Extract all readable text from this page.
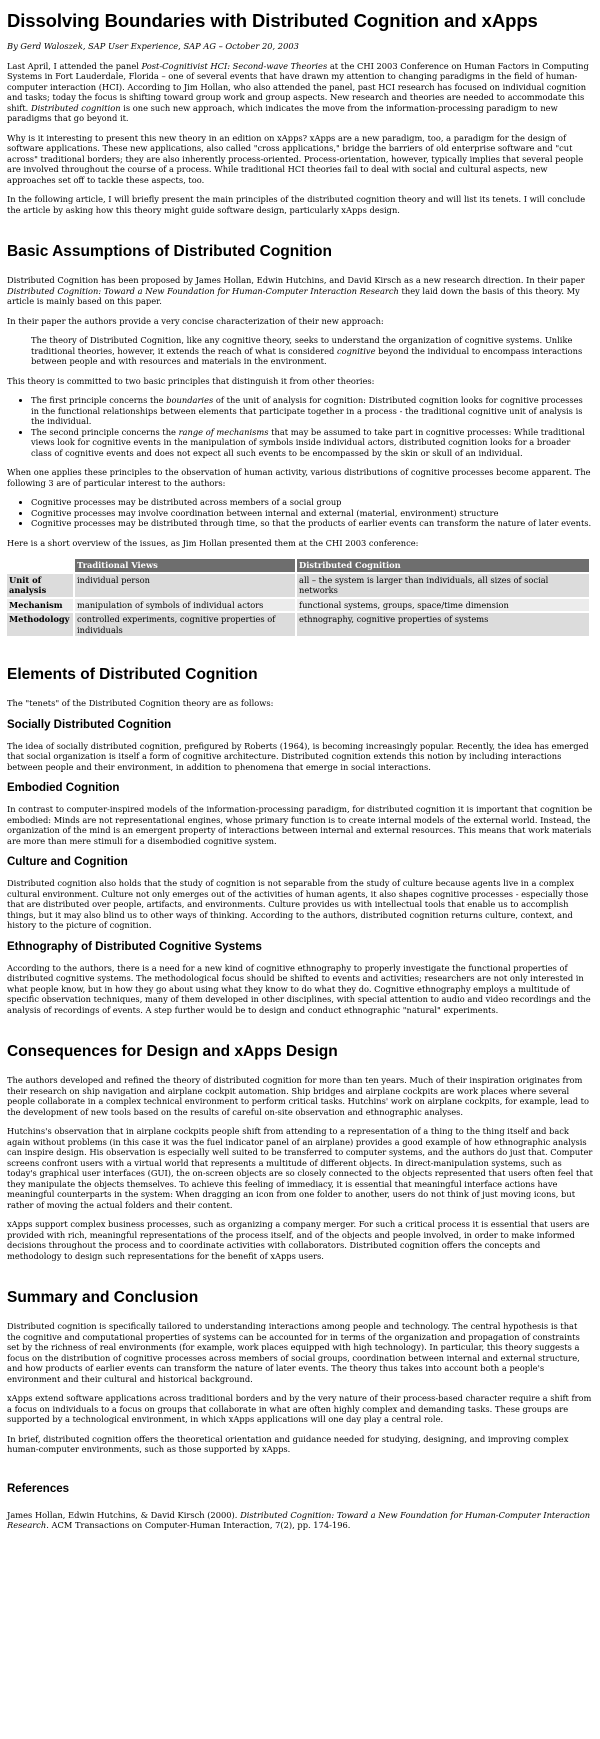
Dissolving Boundaries with Distributed Cognition and xApps

By Gerd Waloszek, SAP User Experience, SAP AG – October 20, 2003

Last April, I attended the panel Post-Cognitivist HCI: Second-wave Theories at the CHI 2003 Conference on Human Factors in Computing Systems in Fort Lauderdale, Florida – one of several events that have drawn my attention to changing paradigms in the field of human-computer interaction (HCI). According to Jim Hollan, who also attended the panel, past HCI research has focused on individual cognition and tasks; today the focus is shifting toward group work and group aspects. New research and theories are needed to accommodate this shift. Distributed cognition is one such new approach, which indicates the move from the information-processing paradigm to new paradigms that go beyond it.

Why is it interesting to present this new theory in an edition on xApps? xApps are a new paradigm, too, a paradigm for the design of software applications. These new applications, also called "cross applications," bridge the barriers of old enterprise software and "cut across" traditional borders; they are also inherently process-oriented. Process-orientation, however, typically implies that several people are involved throughout the course of a process. While traditional HCI theories fail to deal with social and cultural aspects, new approaches set off to tackle these aspects, too.

In the following article, I will briefly present the main principles of the distributed cognition theory and will list its tenets. I will conclude the article by asking how this theory might guide software design, particularly xApps design.

Basic Assumptions of Distributed Cognition

Distributed Cognition has been proposed by James Hollan, Edwin Hutchins, and David Kirsch as a new research direction. In their paper Distributed Cognition: Toward a New Foundation for Human-Computer Interaction Research they laid down the basis of this theory. My article is mainly based on this paper.

In their paper the authors provide a very concise characterization of their new approach:

The theory of Distributed Cognition, like any cognitive theory, seeks to understand the organization of cognitive systems. Unlike traditional theories, however, it extends the reach of what is considered cognitive beyond the individual to encompass interactions between people and with resources and materials in the environment.

This theory is committed to two basic principles that distinguish it from other theories:

• The first principle concerns the boundaries of the unit of analysis for cognition: Distributed cognition looks for cognitive processes in the functional relationships between elements that participate together in a process - the traditional cognitive unit of analysis is the individual.
• The second principle concerns the range of mechanisms that may be assumed to take part in cognitive processes: While traditional views look for cognitive events in the manipulation of symbols inside individual actors, distributed cognition looks for a broader class of cognitive events and does not expect all such events to be encompassed by the skin or skull of an individual.

When one applies these principles to the observation of human activity, various distributions of cognitive processes become apparent. The following 3 are of particular interest to the authors:

• Cognitive processes may be distributed across members of a social group
• Cognitive processes may involve coordination between internal and external (material, environment) structure
• Cognitive processes may be distributed through time, so that the products of earlier events can transform the nature of later events.

Here is a short overview of the issues, as Jim Hollan presented them at the CHI 2003 conference:

	Traditional Views	Distributed Cognition
Unit of analysis	individual person	all – the system is larger than individuals, all sizes of social networks
Mechanism	manipulation of symbols of individual actors	functional systems, groups, space/time dimension
Methodology	controlled experiments, cognitive properties of individuals	ethnography, cognitive properties of systems
Elements of Distributed Cognition

The "tenets" of the Distributed Cognition theory are as follows:

Socially Distributed Cognition

The idea of socially distributed cognition, prefigured by Roberts (1964), is becoming increasingly popular. Recently, the idea has emerged that social organization is itself a form of cognitive architecture. Distributed cognition extends this notion by including interactions between people and their environment, in addition to phenomena that emerge in social interactions.

Embodied Cognition

In contrast to computer-inspired models of the information-processing paradigm, for distributed cognition it is important that cognition be embodied: Minds are not representational engines, whose primary function is to create internal models of the external world. Instead, the organization of the mind is an emergent property of interactions between internal and external resources. This means that work materials are more than mere stimuli for a disembodied cognitive system.

Culture and Cognition

Distributed cognition also holds that the study of cognition is not separable from the study of culture because agents live in a complex cultural environment. Culture not only emerges out of the activities of human agents, it also shapes cognitive processes - especially those that are distributed over people, artifacts, and environments. Culture provides us with intellectual tools that enable us to accomplish things, but it may also blind us to other ways of thinking. According to the authors, distributed cognition returns culture, context, and history to the picture of cognition.

Ethnography of Distributed Cognitive Systems

According to the authors, there is a need for a new kind of cognitive ethnography to properly investigate the functional properties of distributed cognitive systems. The methodological focus should be shifted to events and activities; researchers are not only interested in what people know, but in how they go about using what they know to do what they do. Cognitive ethnography employs a multitude of specific observation techniques, many of them developed in other disciplines, with special attention to audio and video recordings and the analysis of recordings of events. A step further would be to design and conduct ethnographic "natural" experiments.

Consequences for Design and xApps Design

The authors developed and refined the theory of distributed cognition for more than ten years. Much of their inspiration originates from their research on ship navigation and airplane cockpit automation. Ship bridges and airplane cockpits are work places where several people collaborate in a complex technical environment to perform critical tasks. Hutchins' work on airplane cockpits, for example, lead to the development of new tools based on the results of careful on-site observation and ethnographic analyses.

Hutchins's observation that in airplane cockpits people shift from attending to a representation of a thing to the thing itself and back again without problems (in this case it was the fuel indicator panel of an airplane) provides a good example of how ethnographic analysis can inspire design. His observation is especially well suited to be transferred to computer systems, and the authors do just that. Computer screens confront users with a virtual world that represents a multitude of different objects. In direct-manipulation systems, such as today's graphical user interfaces (GUI), the on-screen objects are so closely connected to the objects represented that users often feel that they manipulate the objects themselves. To achieve this feeling of immediacy, it is essential that meaningful interface actions have meaningful counterparts in the system: When dragging an icon from one folder to another, users do not think of just moving icons, but rather of moving the actual folders and their content.

xApps support complex business processes, such as organizing a company merger. For such a critical process it is essential that users are provided with rich, meaningful representations of the process itself, and of the objects and people involved, in order to make informed decisions throughout the process and to coordinate activities with collaborators. Distributed cognition offers the concepts and methodology to design such representations for the benefit of xApps users.

Summary and Conclusion

Distributed cognition is specifically tailored to understanding interactions among people and technology. The central hypothesis is that the cognitive and computational properties of systems can be accounted for in terms of the organization and propagation of constraints set by the richness of real environments (for example, work places equipped with high technology). In particular, this theory suggests a focus on the distribution of cognitive processes across members of social groups, coordination between internal and external structure, and how products of earlier events can transform the nature of later events. The theory thus takes into account both a people's environment and their cultural and historical background.

xApps extend software applications across traditional borders and by the very nature of their process-based character require a shift from a focus on individuals to a focus on groups that collaborate in what are often highly complex and demanding tasks. These groups are supported by a technological environment, in which xApps applications will one day play a central role.

In brief, distributed cognition offers the theoretical orientation and guidance needed for studying, designing, and improving complex human-computer environments, such as those supported by xApps.

References

James Hollan, Edwin Hutchins, & David Kirsch (2000). Distributed Cognition: Toward a New Foundation for Human-Computer Interaction Research. ACM Transactions on Computer-Human Interaction, 7(2), pp. 174-196.
